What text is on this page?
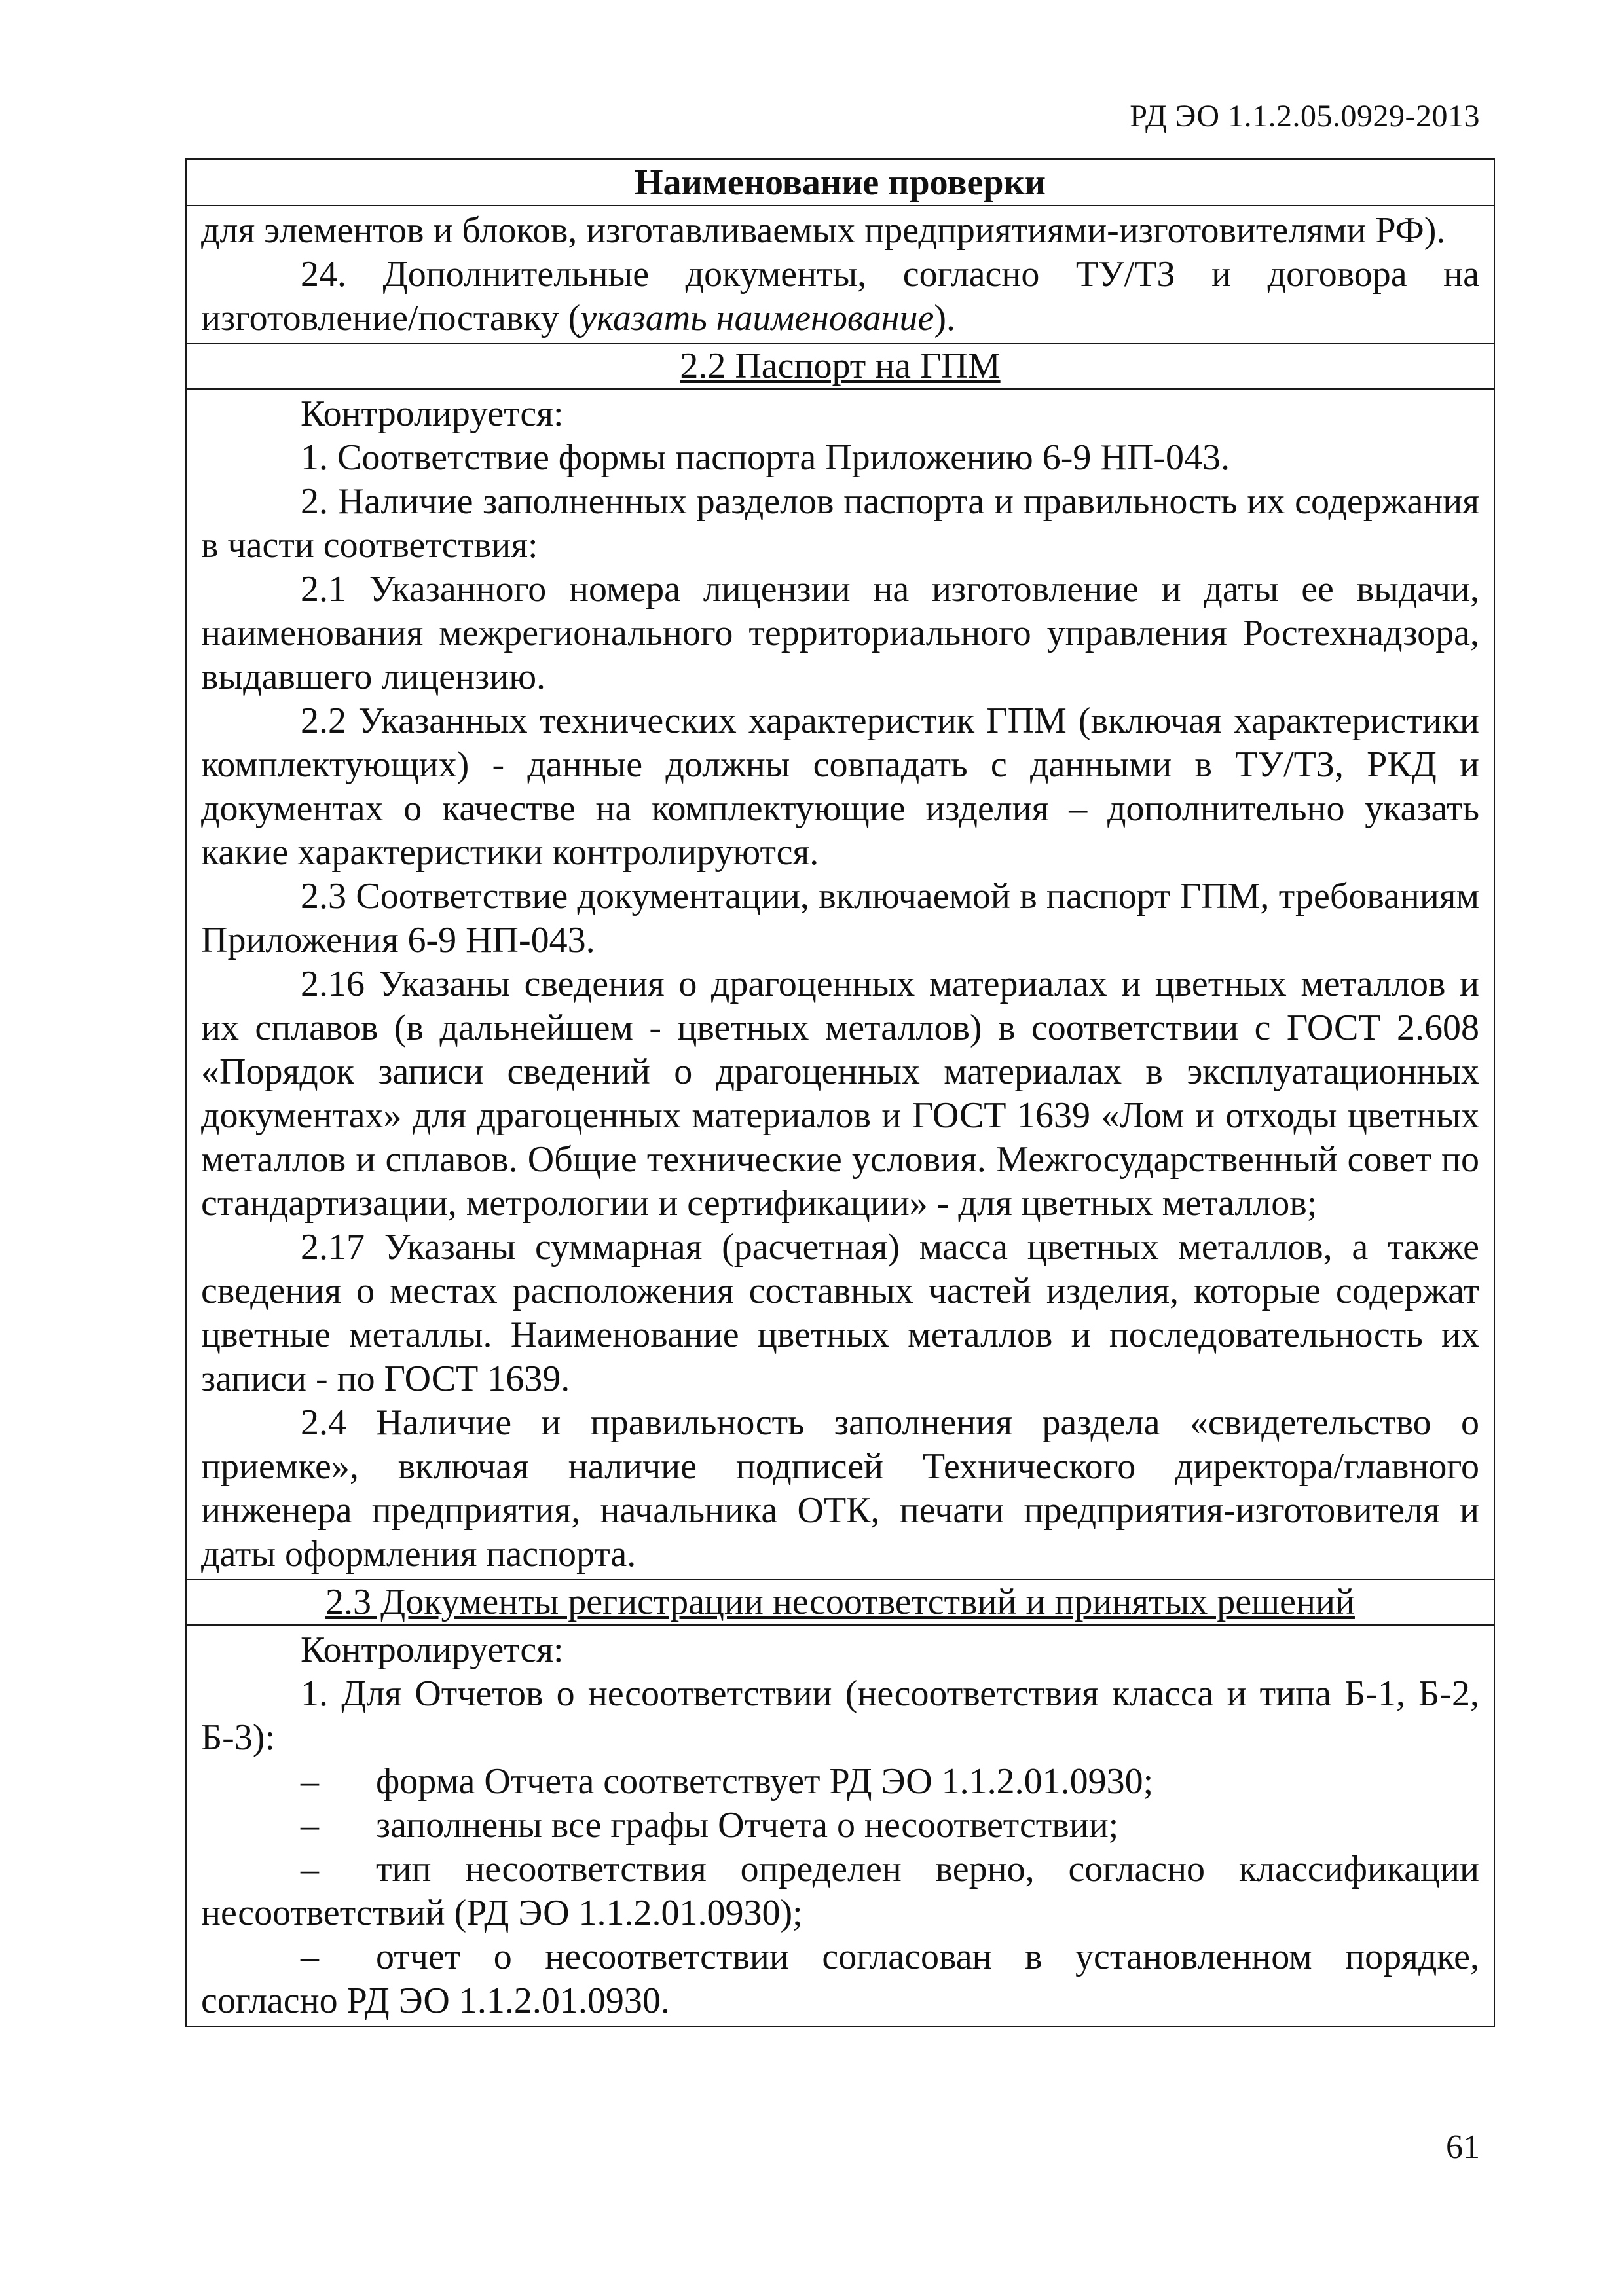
РД ЭО 1.1.2.05.0929-2013
Наименование проверки

для элементов и блоков, изготавливаемых предприятиями-изготовителями РФ).

24. Дополнительные документы, согласно ТУ/ТЗ и договора на изготовление/поставку (указать наименование).

2.2 Паспорт на ГПМ

Контролируется:

1. Соответствие формы паспорта Приложению 6-9 НП-043.

2. Наличие заполненных разделов паспорта и правильность их содержания в части соответствия:

2.1 Указанного номера лицензии на изготовление и даты ее выдачи, наименования межрегионального территориального управления Ростехнадзора, выдавшего лицензию.

2.2 Указанных технических характеристик ГПМ (включая характеристики комплектующих) - данные должны совпадать с данными в ТУ/ТЗ, РКД и документах о качестве на комплектующие изделия – дополнительно указать какие характеристики контролируются.

2.3 Соответствие документации, включаемой в паспорт ГПМ, требованиям Приложения 6-9 НП-043.

2.16 Указаны сведения о драгоценных материалах и цветных металлов и их сплавов (в дальнейшем - цветных металлов) в соответствии с ГОСТ 2.608 «Порядок записи сведений о драгоценных материалах в эксплуатационных документах» для драгоценных материалов и ГОСТ 1639 «Лом и отходы цветных металлов и сплавов. Общие технические условия. Межгосударственный совет по стандартизации, метрологии и сертификации» - для цветных металлов;

2.17 Указаны суммарная (расчетная) масса цветных металлов, а также сведения о местах расположения составных частей изделия, которые содержат цветные металлы. Наименование цветных металлов и последовательность их записи - по ГОСТ 1639.

2.4 Наличие и правильность заполнения раздела «свидетельство о приемке», включая наличие подписей Технического директора/главного инженера предприятия, начальника ОТК, печати предприятия-изготовителя и даты оформления паспорта.

2.3 Документы регистрации несоответствий и принятых решений

Контролируется:

1. Для Отчетов о несоответствии (несоответствия класса и типа Б-1, Б-2, Б-3):

– форма Отчета соответствует РД ЭО 1.1.2.01.0930;

– заполнены все графы Отчета о несоответствии;

– тип несоответствия определен верно, согласно классификации несоответствий (РД ЭО 1.1.2.01.0930);

– отчет о несоответствии согласован в установленном порядке, согласно РД ЭО 1.1.2.01.0930.

61
